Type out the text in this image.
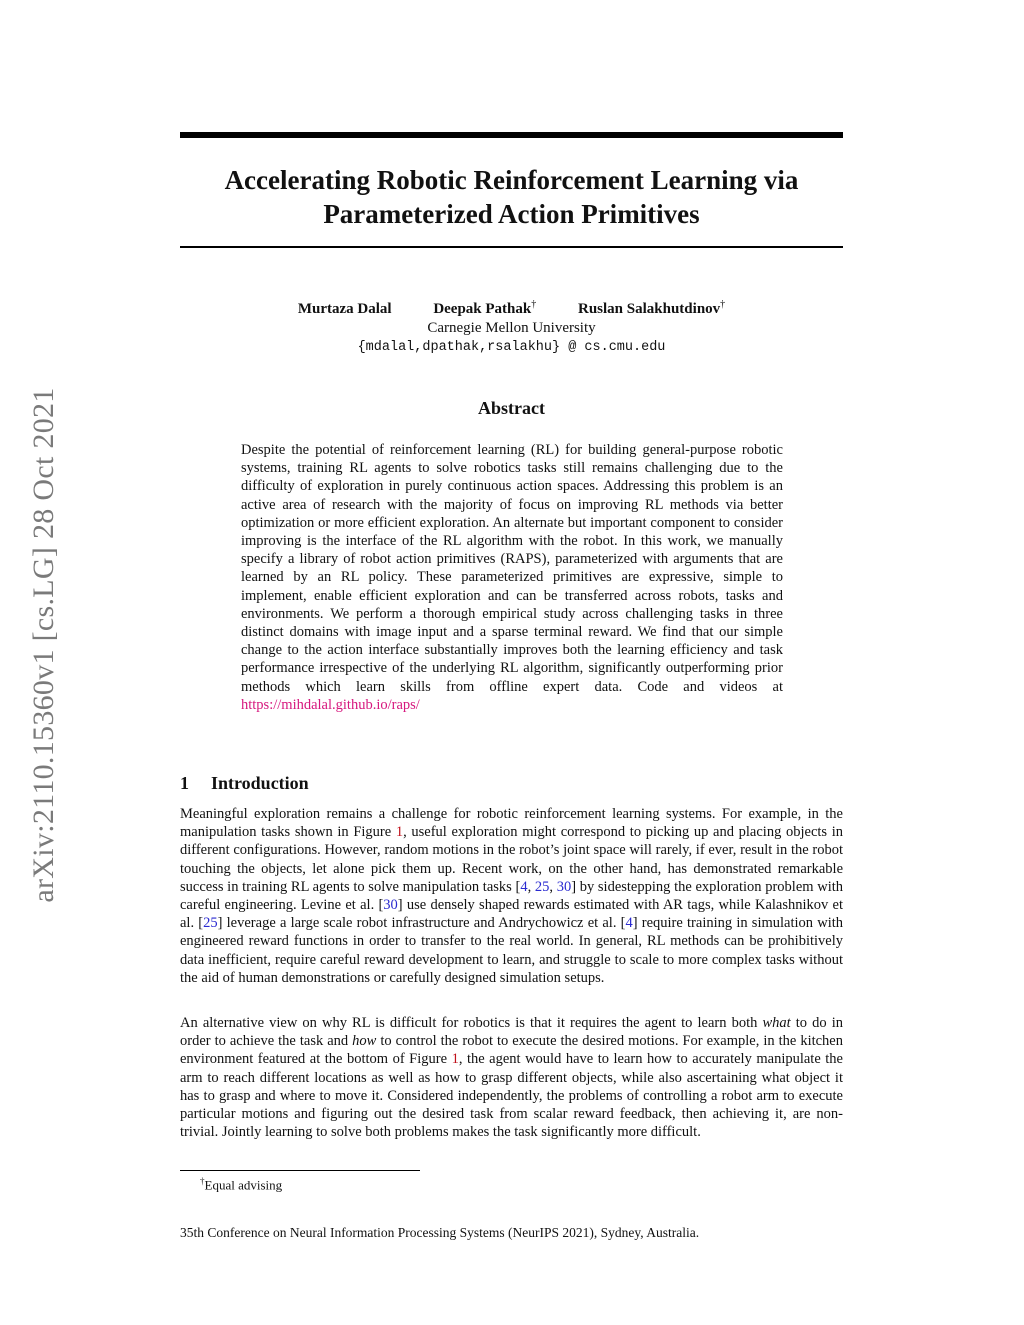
arXiv:2110.15360v1 [cs.LG] 28 Oct 2021
Accelerating Robotic Reinforcement Learning via
Parameterized Action Primitives
Murtaza Dalal	Deepak Pathak†	Ruslan Salakhutdinov†
Carnegie Mellon University
{mdalal,dpathak,rsalakhu} @ cs.cmu.edu
Abstract

Despite the potential of reinforcement learning (RL) for building general-purpose robotic systems, training RL agents to solve robotics tasks still remains challenging due to the difficulty of exploration in purely continuous action spaces. Addressing this problem is an active area of research with the majority of focus on improving RL methods via better optimization or more efficient exploration. An alternate but important component to consider improving is the interface of the RL algorithm with the robot. In this work, we manually specify a library of robot action primitives (RAPS), parameterized with arguments that are learned by an RL policy. These parameterized primitives are expressive, simple to implement, enable efficient exploration and can be transferred across robots, tasks and environments. We perform a thorough empirical study across challenging tasks in three distinct domains with image input and a sparse terminal reward. We find that our simple change to the action interface substantially improves both the learning efficiency and task performance irrespective of the underlying RL algorithm, significantly outperforming prior methods which learn skills from offline expert data. Code and videos at https://mihdalal.github.io/raps/

1 Introduction

Meaningful exploration remains a challenge for robotic reinforcement learning systems. For example, in the manipulation tasks shown in Figure 1, useful exploration might correspond to picking up and placing objects in different configurations. However, random motions in the robot’s joint space will rarely, if ever, result in the robot touching the objects, let alone pick them up. Recent work, on the other hand, has demonstrated remarkable success in training RL agents to solve manipulation tasks [4, 25, 30] by sidestepping the exploration problem with careful engineering. Levine et al. [30] use densely shaped rewards estimated with AR tags, while Kalashnikov et al. [25] leverage a large scale robot infrastructure and Andrychowicz et al. [4] require training in simulation with engineered reward functions in order to transfer to the real world. In general, RL methods can be prohibitively data inefficient, require careful reward development to learn, and struggle to scale to more complex tasks without the aid of human demonstrations or carefully designed simulation setups.

An alternative view on why RL is difficult for robotics is that it requires the agent to learn both what to do in order to achieve the task and how to control the robot to execute the desired motions. For example, in the kitchen environment featured at the bottom of Figure 1, the agent would have to learn how to accurately manipulate the arm to reach different locations as well as how to grasp different objects, while also ascertaining what object it has to grasp and where to move it. Considered independently, the problems of controlling a robot arm to execute particular motions and figuring out the desired task from scalar reward feedback, then achieving it, are non-trivial. Jointly learning to solve both problems makes the task significantly more difficult.

†Equal advising
35th Conference on Neural Information Processing Systems (NeurIPS 2021), Sydney, Australia.
